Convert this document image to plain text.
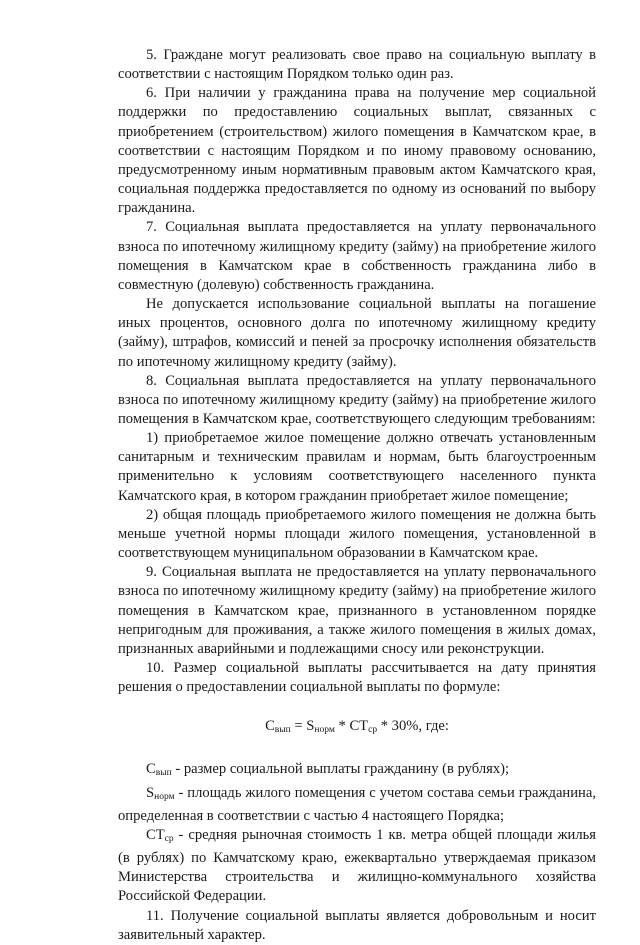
5. Граждане могут реализовать свое право на социальную выплату в соответствии с настоящим Порядком только один раз.

6. При наличии у гражданина права на получение мер социальной поддержки по предоставлению социальных выплат, связанных с приобретением (строительством) жилого помещения в Камчатском крае, в соответствии с настоящим Порядком и по иному правовому основанию, предусмотренному иным нормативным правовым актом Камчатского края, социальная поддержка предоставляется по одному из оснований по выбору гражданина.

7. Социальная выплата предоставляется на уплату первоначального взноса по ипотечному жилищному кредиту (займу) на приобретение жилого помещения в Камчатском крае в собственность гражданина либо в совместную (долевую) собственность гражданина.

Не допускается использование социальной выплаты на погашение иных процентов, основного долга по ипотечному жилищному кредиту (займу), штрафов, комиссий и пеней за просрочку исполнения обязательств по ипотечному жилищному кредиту (займу).

8. Социальная выплата предоставляется на уплату первоначального взноса по ипотечному жилищному кредиту (займу) на приобретение жилого помещения в Камчатском крае, соответствующего следующим требованиям:

1) приобретаемое жилое помещение должно отвечать установленным санитарным и техническим правилам и нормам, быть благоустроенным применительно к условиям соответствующего населенного пункта Камчатского края, в котором гражданин приобретает жилое помещение;

2) общая площадь приобретаемого жилого помещения не должна быть меньше учетной нормы площади жилого помещения, установленной в соответствующем муниципальном образовании в Камчатском крае.

9. Социальная выплата не предоставляется на уплату первоначального взноса по ипотечному жилищному кредиту (займу) на приобретение жилого помещения в Камчатском крае, признанного в установленном порядке непригодным для проживания, а также жилого помещения в жилых домах, признанных аварийными и подлежащими сносу или реконструкции.

10. Размер социальной выплаты рассчитывается на дату принятия решения о предоставлении социальной выплаты по формуле:

$С_{вып} = S_{норм} * СТ_{ср} * 30\%$, где:

$С_{вып}$ - размер социальной выплаты гражданину (в рублях);

$S_{норм}$ - площадь жилого помещения с учетом состава семьи гражданина, определенная в соответствии с частью 4 настоящего Порядка;

$СТ_{ср}$ - средняя рыночная стоимость 1 кв. метра общей площади жилья (в рублях) по Камчатскому краю, ежеквартально утверждаемая приказом Министерства строительства и жилищно-коммунального хозяйства Российской Федерации.

11. Получение социальной выплаты является добровольным и носит заявительный характер.
